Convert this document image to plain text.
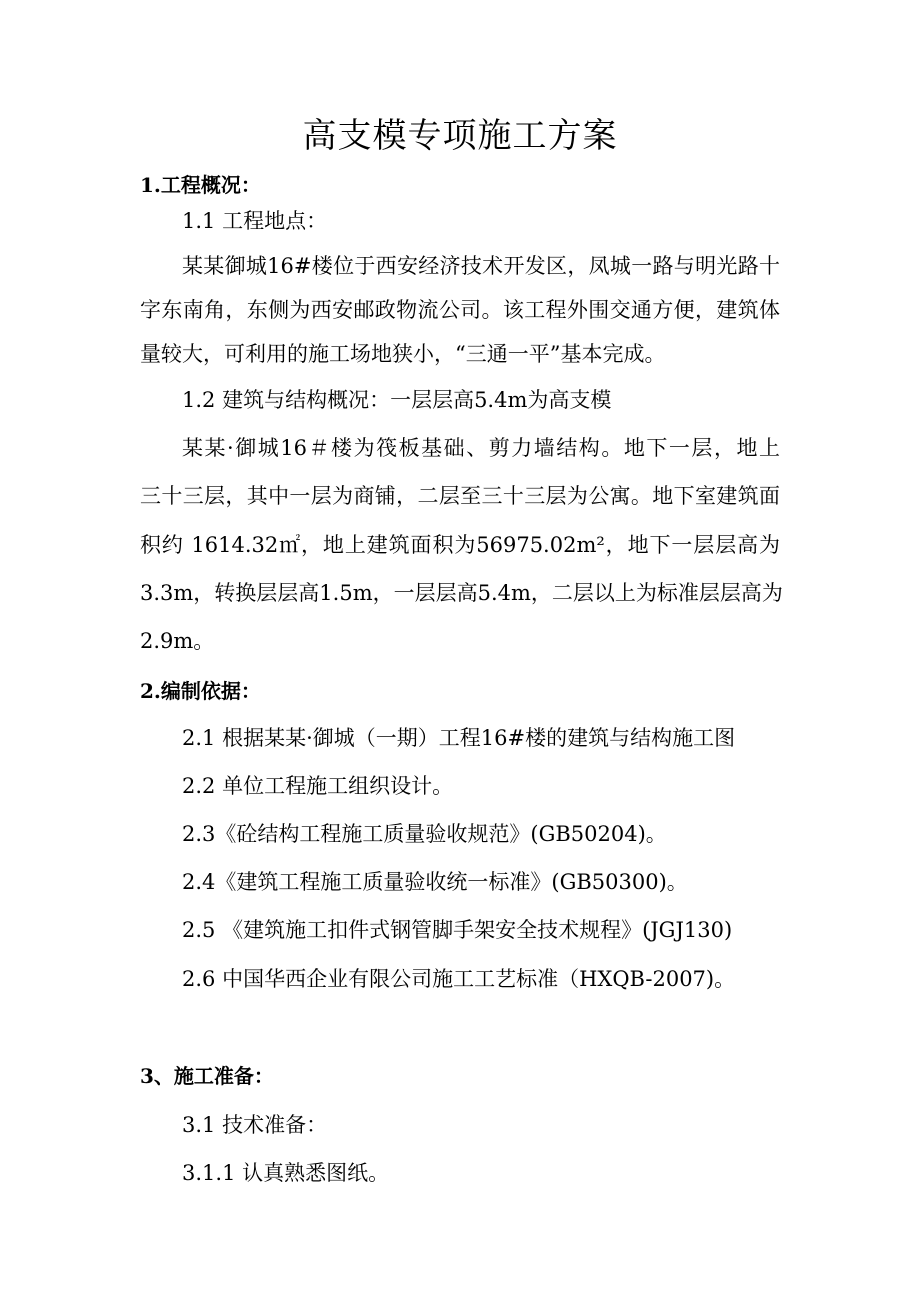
高支模专项施工方案
1.工程概况：
1.1 工程地点：
某某御城16#楼位于西安经济技术开发区，凤城一路与明光路十
字东南角，东侧为西安邮政物流公司。该工程外围交通方便，建筑体
量较大，可利用的施工场地狭小，“三通一平”基本完成。
1.2 建筑与结构概况：一层层高5.4m为高支模
某某·御城16＃楼为筏板基础、剪力墙结构。地下一层，地上
三十三层，其中一层为商铺，二层至三十三层为公寓。地下室建筑面
积约 1614.32㎡，地上建筑面积为56975.02m²，地下一层层高为
3.3m，转换层层高1.5m，一层层高5.4m，二层以上为标准层层高为
2.9m。
2.编制依据：
2.1 根据某某·御城（一期）工程16#楼的建筑与结构施工图
2.2 单位工程施工组织设计。
2.3《砼结构工程施工质量验收规范》(GB50204)。
2.4《建筑工程施工质量验收统一标准》(GB50300)。
2.5 《建筑施工扣件式钢管脚手架安全技术规程》(JGJ130)
2.6 中国华西企业有限公司施工工艺标准（HXQB-2007)。
3、施工准备：
3.1 技术准备：
3.1.1 认真熟悉图纸。
